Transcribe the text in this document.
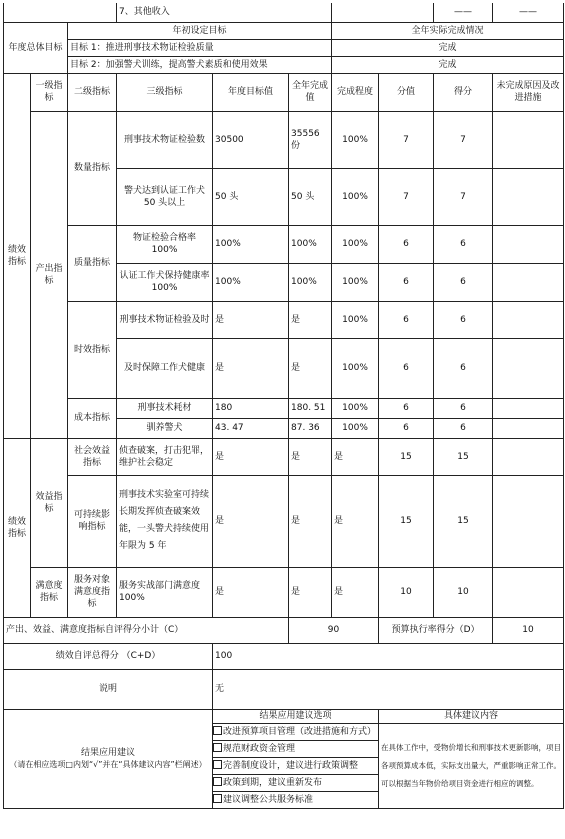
			7、其他收入					——	——
年度总体目标		年初设定目标				全年实际完成情况			
		目标 1：推进刑事技术物证检验质量				完成			
		目标 2：加强警犬训练，提高警犬素质和使用效果				完成			
绩效指标	一级指标	二级指标	三级指标	年度目标值	全年完成值	完成程度	分值	得分	未完成原因及改进措施
	产出指标	数量指标	刑事技术物证检验数	30500	35556 份	100%	7	7	
			警犬达到认证工作犬 50 头以上	50 头	50 头	100%	7	7	
		质量指标	物证检验合格率 100%	100%	100%	100%	6	6	
			认证工作犬保持健康率 100%	100%	100%	100%	6	6	
		时效指标	刑事技术物证检验及时	是	是	100%	6	6	
			及时保障工作犬健康	是	是	100%	6	6	
		成本指标	刑事技术耗材	180	180. 51	100%	6	6	
			驯养警犬	43. 47	87. 36	100%	6	6	
绩效指标	效益指标	社会效益指标	侦查破案，打击犯罪，维护社会稳定	是	是	是	15	15	
		可持续影响指标	刑事技术实验室可持续长期发挥侦查破案效能，一头警犬持续使用年限为 5 年	是	是	是	15	15	
	满意度指标	服务对象满意度指标	服务实战部门满意度 100%	是	是	是	10	10	
产出、效益、满意度指标自评得分小计（C）					90		预算执行率得分（D）		10
绩效自评总得分 （C+D）				100					
说明				无					

结果应用建议
（请在相应选项□内划“√”并在“具体建议内容”栏阐述）				结果应用建议选项			具体建议内容		

				改进预算项目管理（改进措施和方式）
规范财政资金管理
完善制度设计，建议进行政策调整
政策到期，建议重新发布
建议调整公共服务标准			在具体工作中，受物价增长和刑事技术更新影响，项目各项预算成本低，实际支出量大，严重影响正常工作。可以根据当年物价给项目资金进行相应的调整。		
